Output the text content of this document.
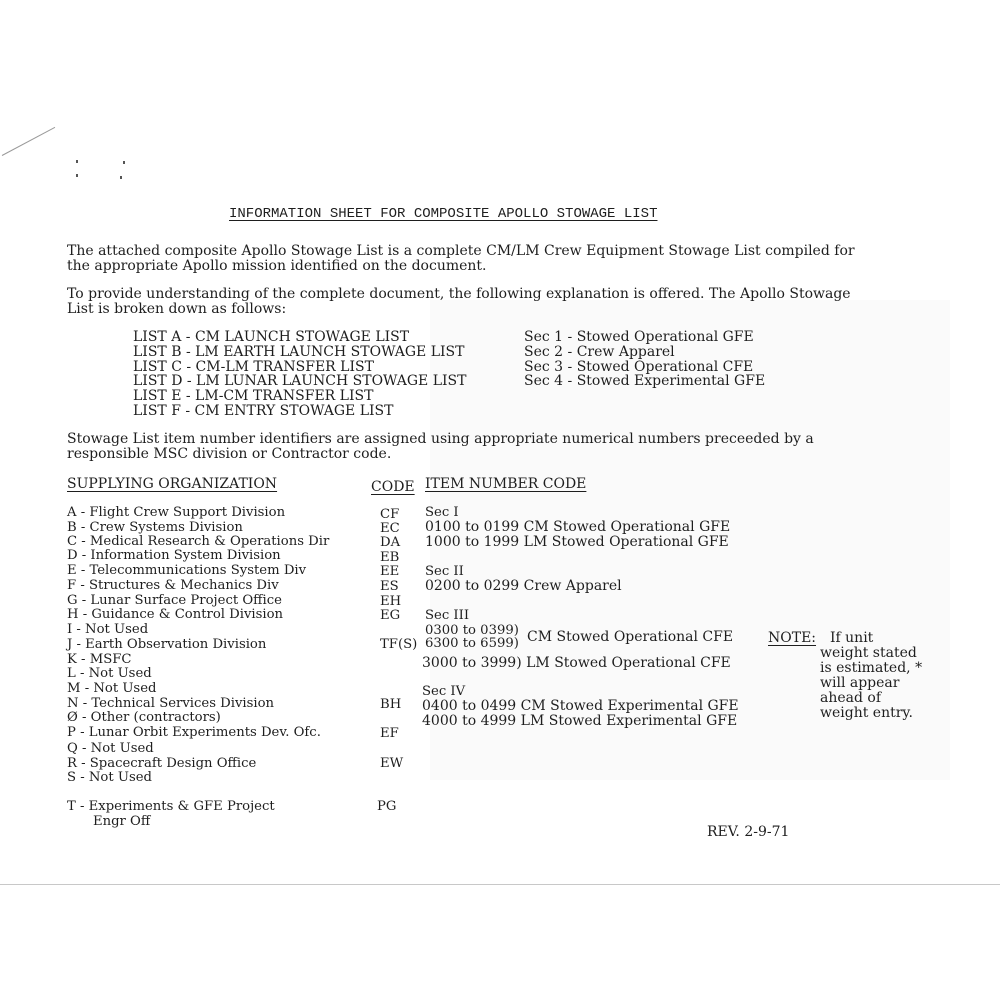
INFORMATION SHEET FOR COMPOSITE APOLLO STOWAGE LIST
The attached composite Apollo Stowage List is a complete CM/LM Crew Equipment Stowage List compiled for
the appropriate Apollo mission identified on the document.
To provide understanding of the complete document, the following explanation is offered. The Apollo Stowage
List is broken down as follows:
LIST A - CM LAUNCH STOWAGE LIST
LIST B - LM EARTH LAUNCH STOWAGE LIST
LIST C - CM-LM TRANSFER LIST
LIST D - LM LUNAR LAUNCH STOWAGE LIST
LIST E - LM-CM TRANSFER LIST
LIST F - CM ENTRY STOWAGE LIST
Sec 1 - Stowed Operational GFE
Sec 2 - Crew Apparel
Sec 3 - Stowed Operational CFE
Sec 4 - Stowed Experimental GFE
Stowage List item number identifiers are assigned using appropriate numerical numbers preceeded by a
responsible MSC division or Contractor code.
SUPPLYING ORGANIZATION	CODE ITEM NUMBER CODE
A - Flight Crew Support Division
B - Crew Systems Division
C - Medical Research & Operations Dir
D - Information System Division
E - Telecommunications System Div
F - Structures & Mechanics Div
G - Lunar Surface Project Office
H - Guidance & Control Division
I - Not Used
J - Earth Observation Division
K - MSFC
L - Not Used
M - Not Used
N - Technical Services Division
Ø - Other (contractors)
P - Lunar Orbit Experiments Dev. Ofc.
Q - Not Used
R - Spacecraft Design Office
S - Not Used
T - Experiments & GFE Project
Engr Off
CF
EC
DA
EB
EE
ES
EH
EG
TF(S)
BH
EF
EW
PG
Sec I
0100 to 0199 CM Stowed Operational GFE
1000 to 1999 LM Stowed Operational GFE
Sec II
0200 to 0299 Crew Apparel
Sec III
0300 to 0399)
6300 to 6599) CM Stowed Operational CFE
3000 to 3999) LM Stowed Operational CFE
Sec IV
0400 to 0499 CM Stowed Experimental GFE
4000 to 4999 LM Stowed Experimental GFE
NOTE: If unit
weight stated
is estimated, *
will appear
ahead of
weight entry.
REV. 2-9-71
